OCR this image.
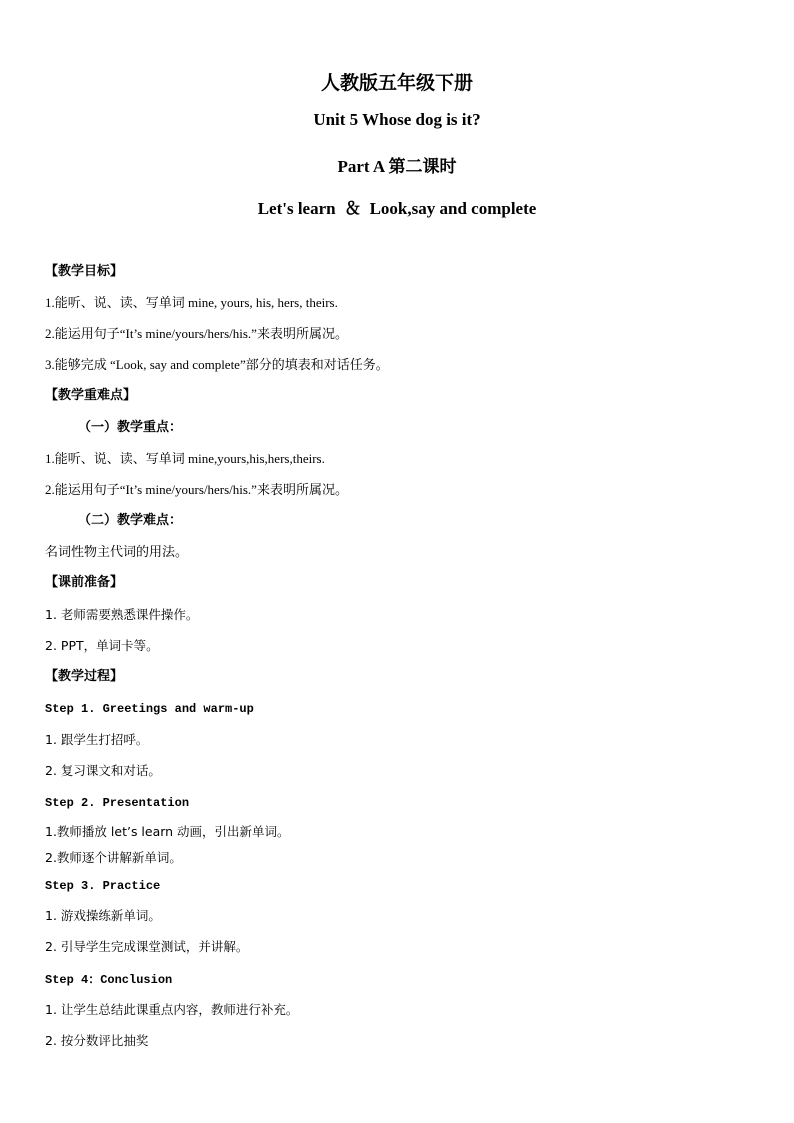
人教版五年级下册
Unit 5 Whose dog is it?
Part A 第二课时
Let's learn  ＆  Look,say and complete
【教学目标】
1.能听、说、读、写单词 mine, yours, his, hers, theirs.
2.能运用句子“It’s mine/yours/hers/his.”来表明所属况。
3.能够完成 “Look, say and complete”部分的填表和对话任务。
【教学重难点】
（一）教学重点：
1.能听、说、读、写单词 mine,yours,his,hers,theirs.
2.能运用句子“It’s mine/yours/hers/his.”来表明所属况。
（二）教学难点：
名词性物主代词的用法。
【课前准备】
1. 老师需要熟悉课件操作。
2. PPT，单词卡等。
【教学过程】
Step 1. Greetings and warm-up
1. 跟学生打招呼。
2. 复习课文和对话。
Step 2. Presentation
1.教师播放 let’s learn 动画，引出新单词。
2.教师逐个讲解新单词。
Step 3. Practice
1. 游戏操练新单词。
2. 引导学生完成课堂测试，并讲解。
Step 4：Conclusion
1. 让学生总结此课重点内容，教师进行补充。
2. 按分数评比抽奖
